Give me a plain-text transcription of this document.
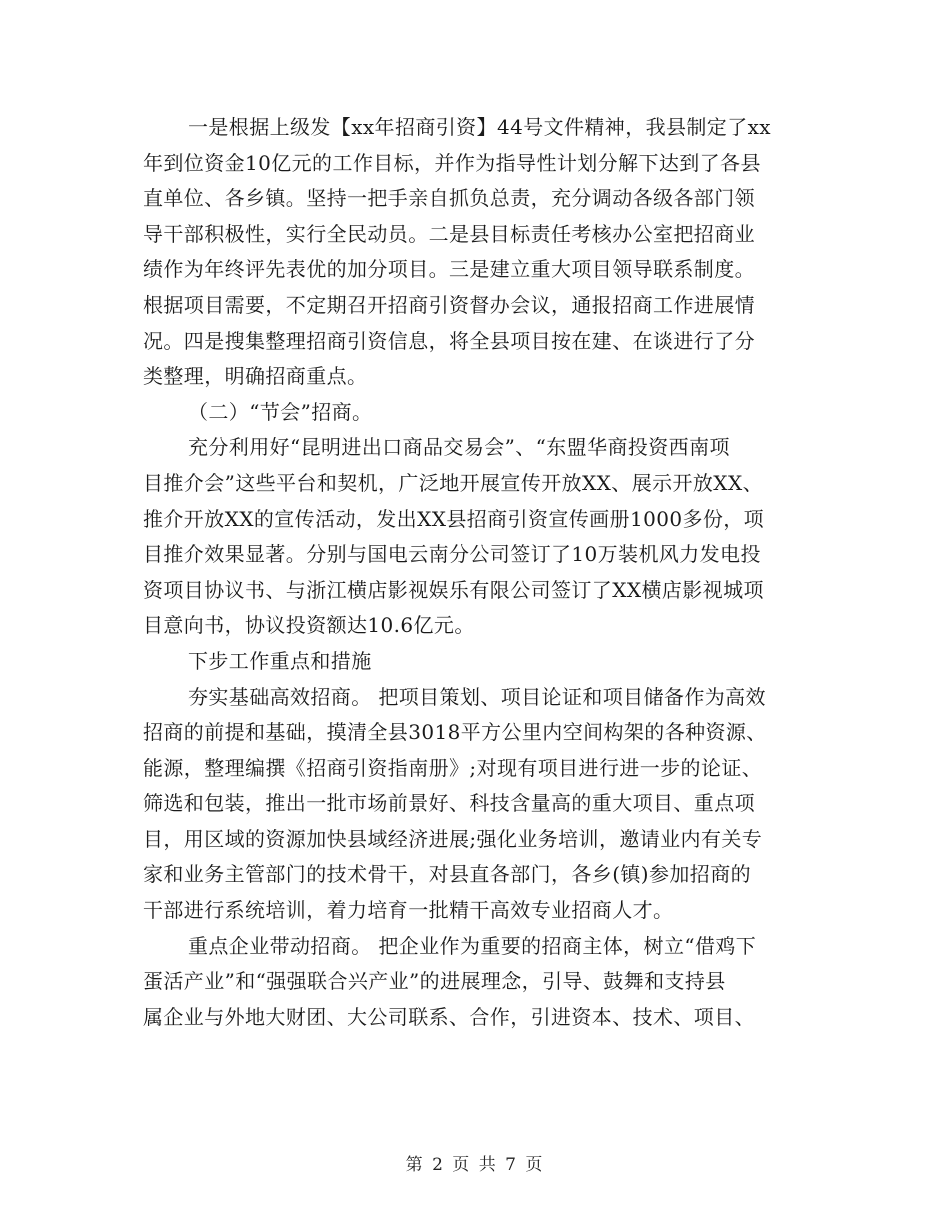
一是根据上级发【xx年招商引资】44号文件精神，我县制定了xx
年到位资金10亿元的工作目标，并作为指导性计划分解下达到了各县
直单位、各乡镇。坚持一把手亲自抓负总责，充分调动各级各部门领
导干部积极性，实行全民动员。二是县目标责任考核办公室把招商业
绩作为年终评先表优的加分项目。三是建立重大项目领导联系制度。
根据项目需要，不定期召开招商引资督办会议，通报招商工作进展情
况。四是搜集整理招商引资信息，将全县项目按在建、在谈进行了分
类整理，明确招商重点。
（二）“节会”招商。
充分利用好“昆明进出口商品交易会”、“东盟华商投资西南项
目推介会”这些平台和契机，广泛地开展宣传开放XX、展示开放XX、
推介开放XX的宣传活动，发出XX县招商引资宣传画册1000多份，项
目推介效果显著。分别与国电云南分公司签订了10万装机风力发电投
资项目协议书、与浙江横店影视娱乐有限公司签订了XX横店影视城项
目意向书，协议投资额达10.6亿元。
下步工作重点和措施
夯实基础高效招商。 把项目策划、项目论证和项目储备作为高效
招商的前提和基础，摸清全县3018平方公里内空间构架的各种资源、
能源，整理编撰《招商引资指南册》;对现有项目进行进一步的论证、
筛选和包装，推出一批市场前景好、科技含量高的重大项目、重点项
目，用区域的资源加快县域经济进展;强化业务培训，邀请业内有关专
家和业务主管部门的技术骨干，对县直各部门，各乡(镇)参加招商的
干部进行系统培训，着力培育一批精干高效专业招商人才。
重点企业带动招商。 把企业作为重要的招商主体，树立“借鸡下
蛋活产业”和“强强联合兴产业”的进展理念，引导、鼓舞和支持县
属企业与外地大财团、大公司联系、合作，引进资本、技术、项目、
第 2 页 共 7 页
